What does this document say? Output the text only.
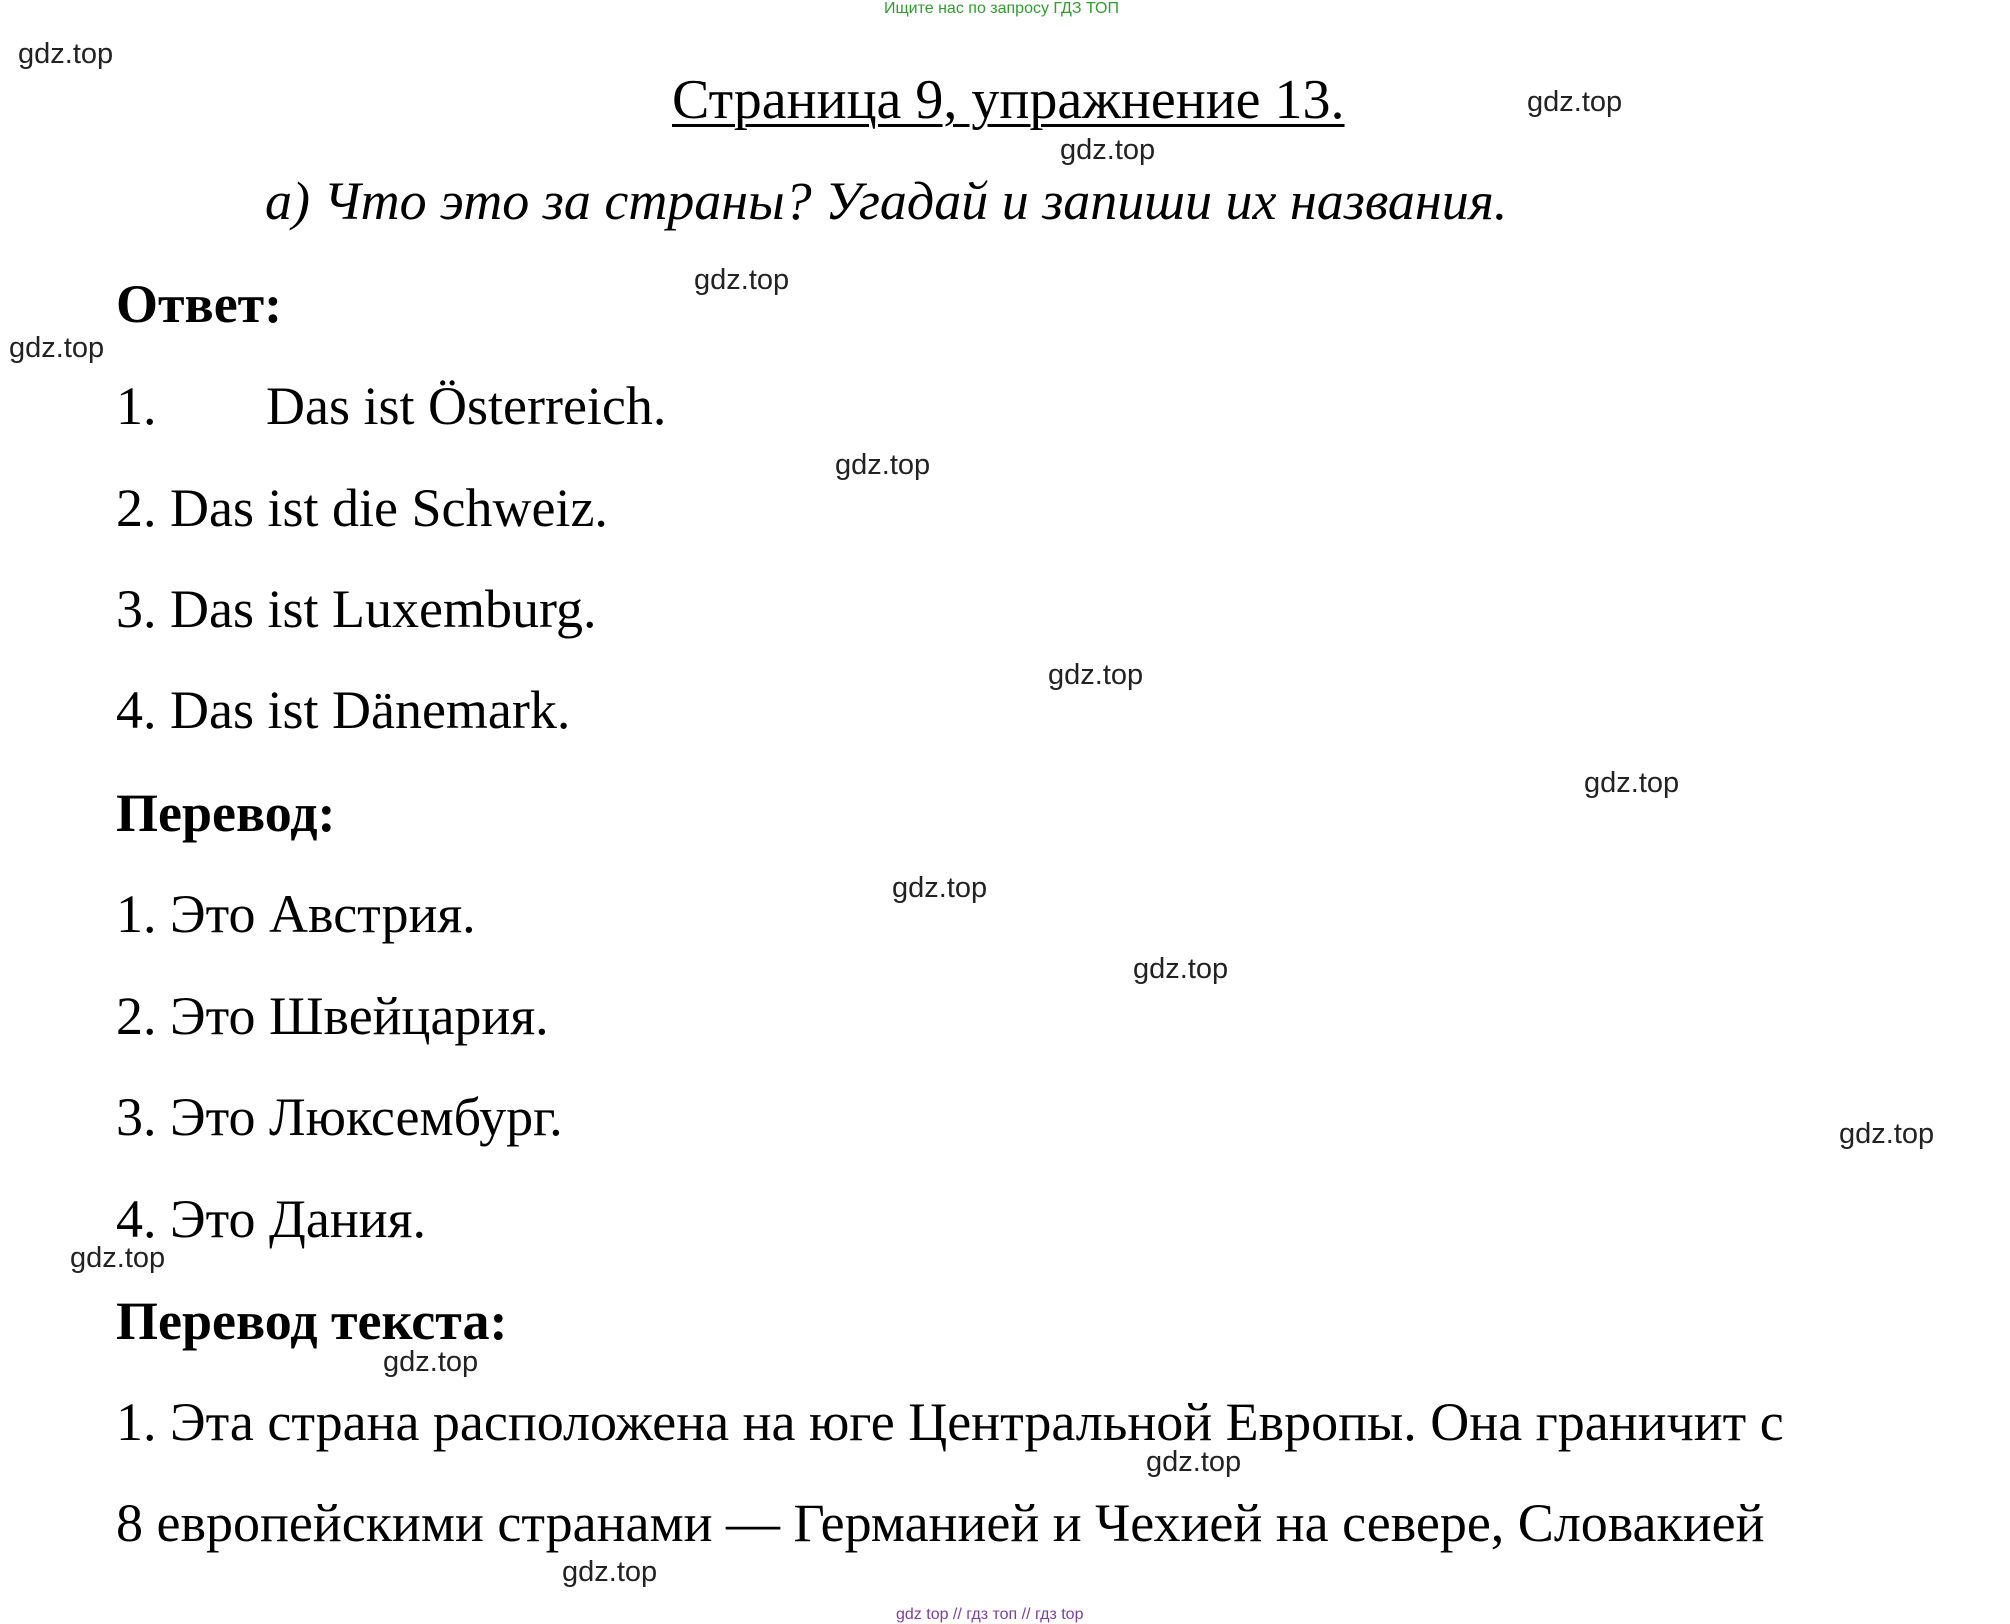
Ищите нас по запросу ГДЗ ТОП
Страница 9, упражнение 13.
а) Что это за страны? Угадай и запиши их названия.
Ответ:
1. Das ist Österreich.
2. Das ist die Schweiz.
3. Das ist Luxemburg.
4. Das ist Dänemark.
Перевод:
1. Это Австрия.
2. Это Швейцария.
3. Это Люксембург.
4. Это Дания.
Перевод текста:
1. Эта страна расположена на юге Центральной Европы. Она граничит с
8 европейскими странами — Германией и Чехией на севере, Словакией
gdz.top
gdz.top
gdz.top
gdz.top
gdz.top
gdz.top
gdz.top
gdz.top
gdz.top
gdz.top
gdz.top
gdz.top
gdz.top
gdz.top
gdz.top
gdz top // гдз топ // гдз top
